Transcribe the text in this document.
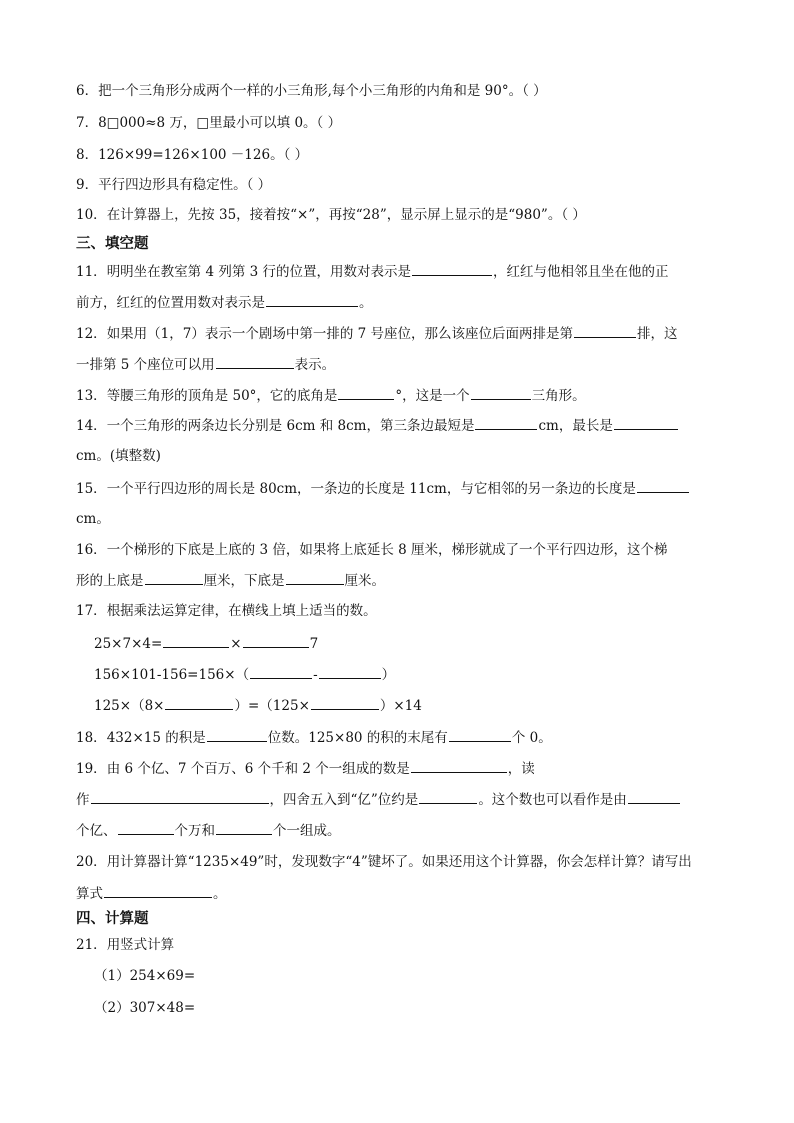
6．把一个三角形分成两个一样的小三角形,每个小三角形的内角和是 90°。（ ）
7．8□000≈8 万，□里最小可以填 0。（ ）
8．126×99=126×100 －126。（ ）
9．平行四边形具有稳定性。（ ）
10．在计算器上，先按 35，接着按“×”，再按“28”，显示屏上显示的是“980”。（ ）
三、填空题
11．明明坐在教室第 4 列第 3 行的位置，用数对表示是	，红红与他相邻且坐在他的正
前方，红红的位置用数对表示是	。
12．如果用（1，7）表示一个剧场中第一排的 7 号座位，那么该座位后面两排是第	排，这
一排第 5 个座位可以用	表示。
13．等腰三角形的顶角是 50°，它的底角是	°，这是一个	三角形。
14．一个三角形的两条边长分别是 6cm 和 8cm，第三条边最短是	cm，最长是
cm。(填整数)
15．一个平行四边形的周长是 80cm，一条边的长度是 11cm，与它相邻的另一条边的长度是
cm。
16．一个梯形的下底是上底的 3 倍，如果将上底延长 8 厘米，梯形就成了一个平行四边形，这个梯
形的上底是	厘米，下底是	厘米。
17．根据乘法运算定律，在横线上填上适当的数。
25×7×4=	×	7
156×101-156=156×（	-	）
125×（8×	）=（125×	）×14
18．432×15 的积是	位数。125×80 的积的末尾有	个 0。
19．由 6 个亿、7 个百万、6 个千和 2 个一组成的数是	，读
作	，四舍五入到“亿”位约是	。这个数也可以看作是由
个亿、	个万和	个一组成。
20．用计算器计算“1235×49”时，发现数字“4”键坏了。如果还用这个计算器，你会怎样计算？请写出
算式	。
四、计算题
21．用竖式计算
（1）254×69=
（2）307×48=
